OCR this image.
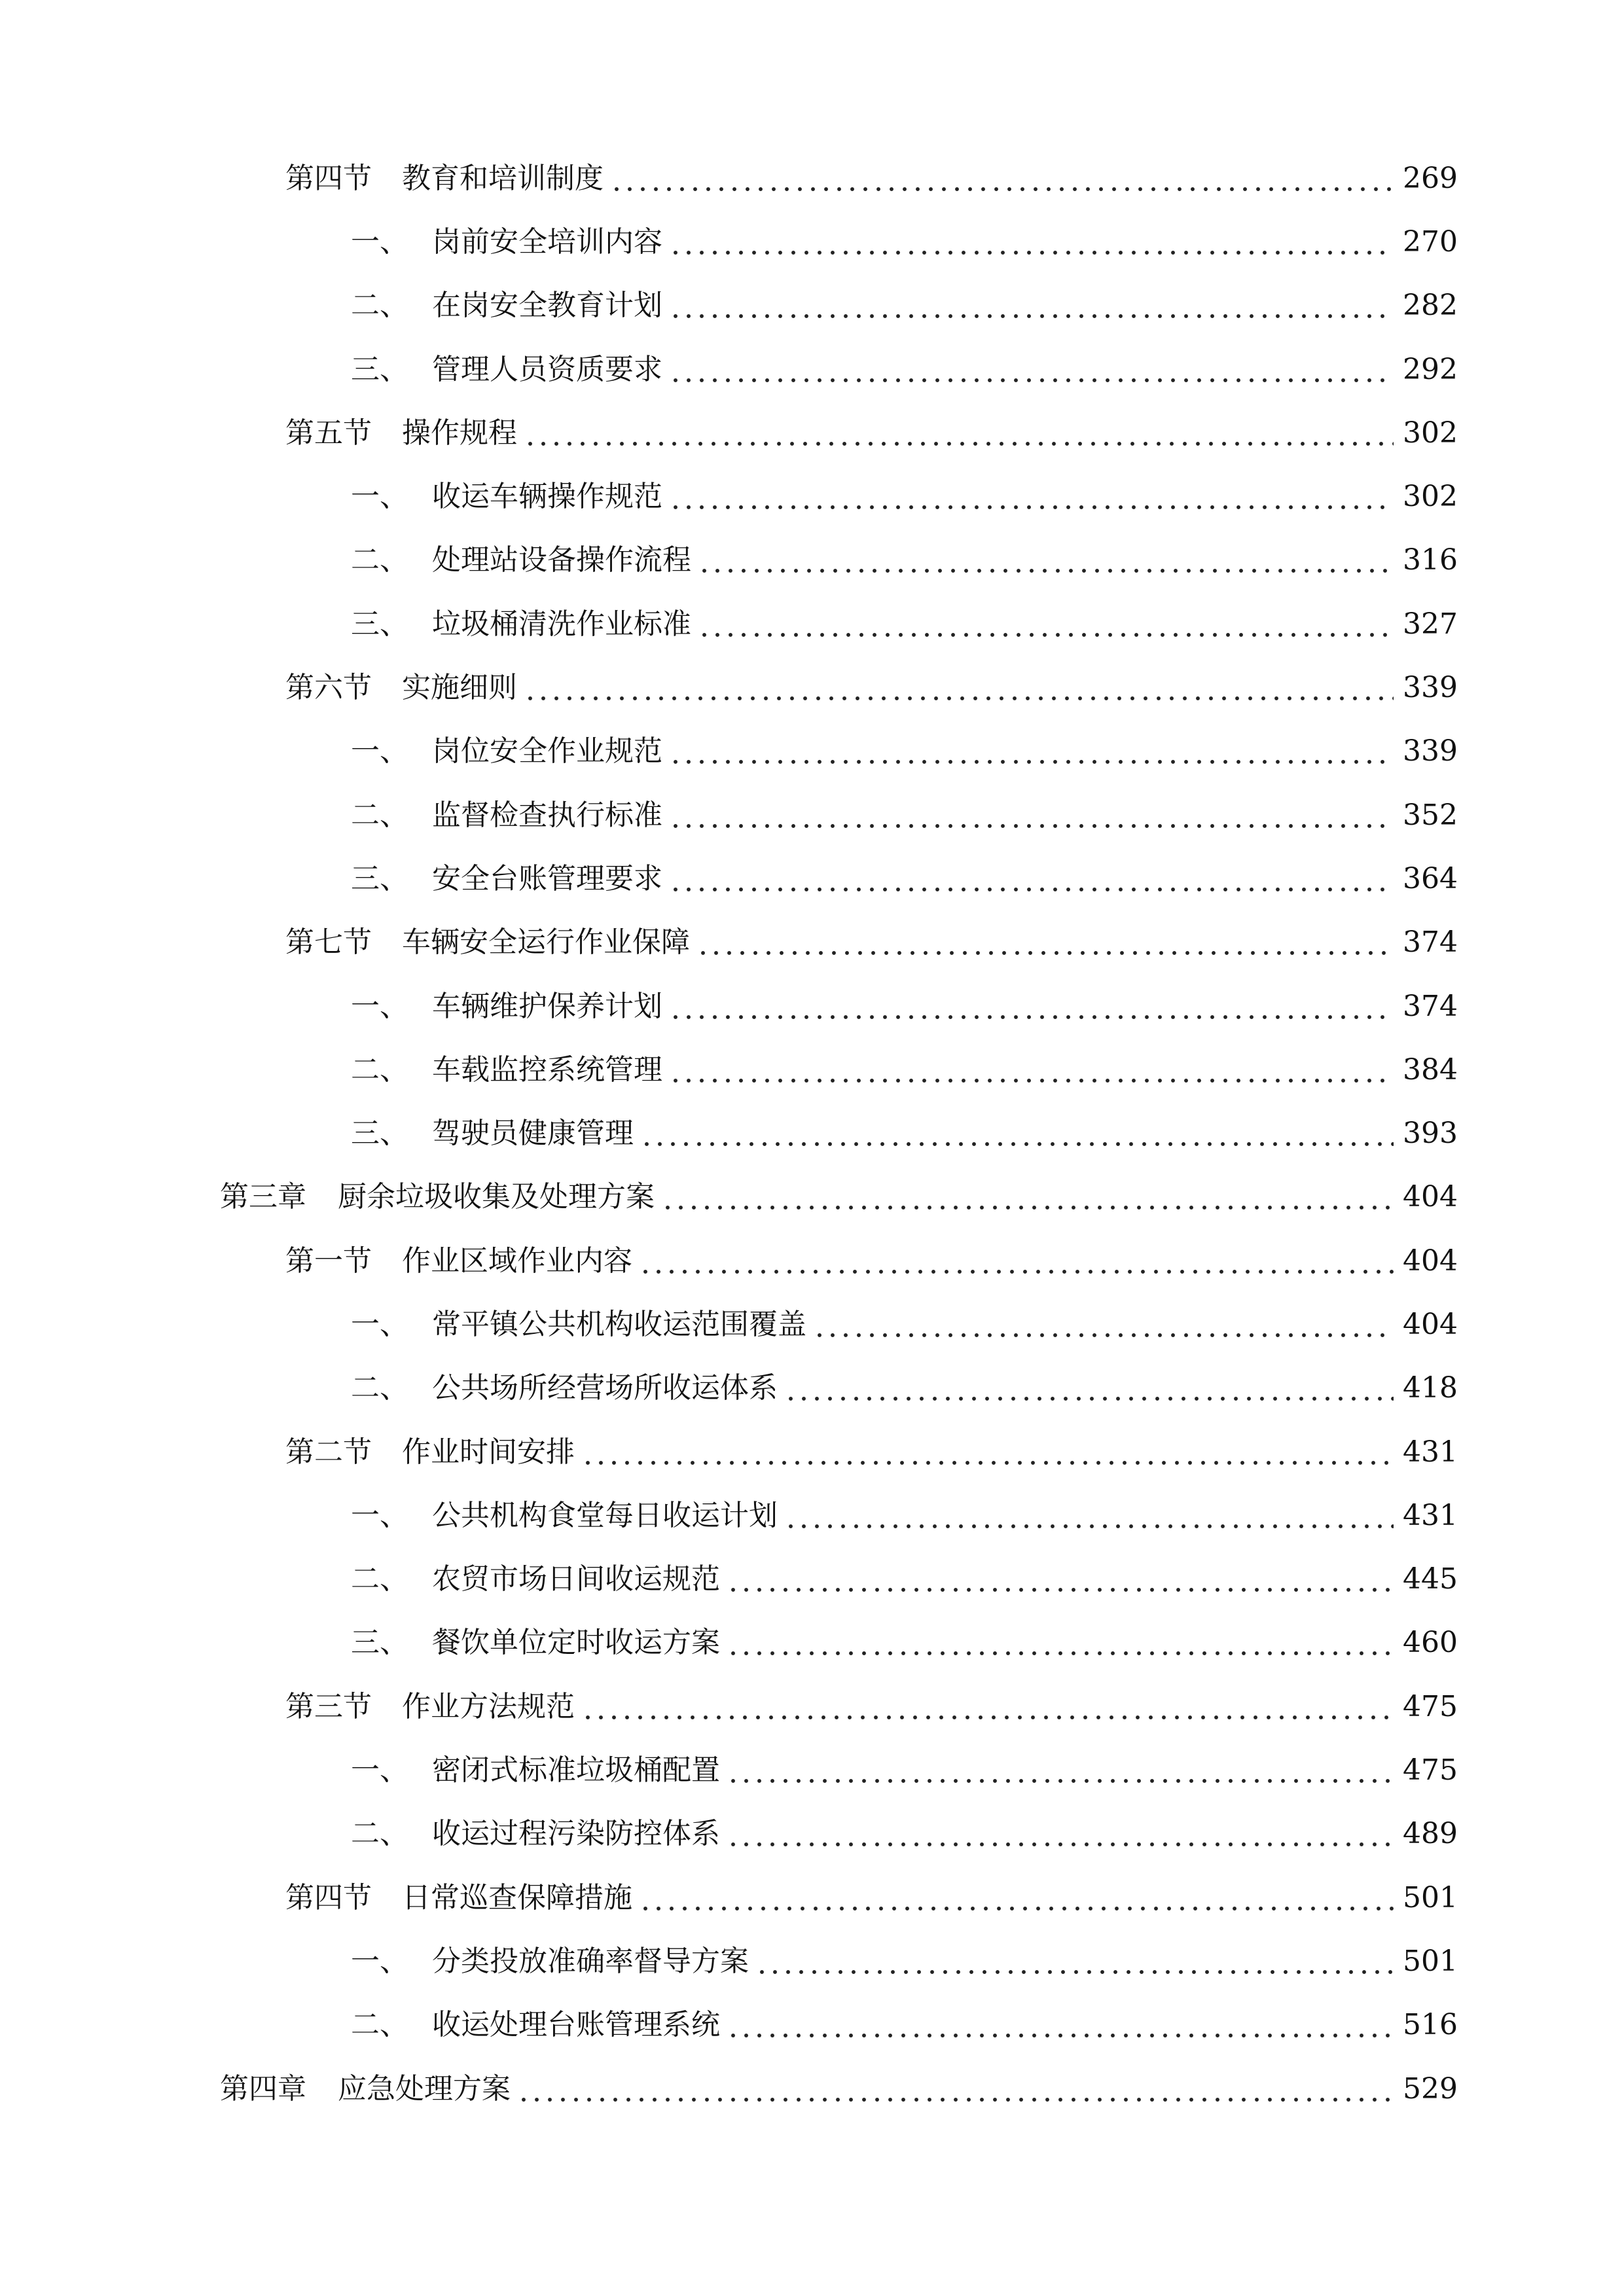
第四节	教育和培训制度	269
一、 岗前安全培训内容	270
二、 在岗安全教育计划	282
三、 管理人员资质要求	292
第五节	操作规程	302
一、 收运车辆操作规范	302
二、 处理站设备操作流程	316
三、 垃圾桶清洗作业标准	327
第六节	实施细则	339
一、 岗位安全作业规范	339
二、 监督检查执行标准	352
三、 安全台账管理要求	364
第七节	车辆安全运行作业保障	374
一、 车辆维护保养计划	374
二、 车载监控系统管理	384
三、 驾驶员健康管理	393
第三章	厨余垃圾收集及处理方案	404
第一节	作业区域作业内容	404
一、 常平镇公共机构收运范围覆盖	404
二、 公共场所经营场所收运体系	418
第二节	作业时间安排	431
一、 公共机构食堂每日收运计划	431
二、 农贸市场日间收运规范	445
三、 餐饮单位定时收运方案	460
第三节	作业方法规范	475
一、 密闭式标准垃圾桶配置	475
二、 收运过程污染防控体系	489
第四节	日常巡查保障措施	501
一、 分类投放准确率督导方案	501
二、 收运处理台账管理系统	516
第四章	应急处理方案	529
